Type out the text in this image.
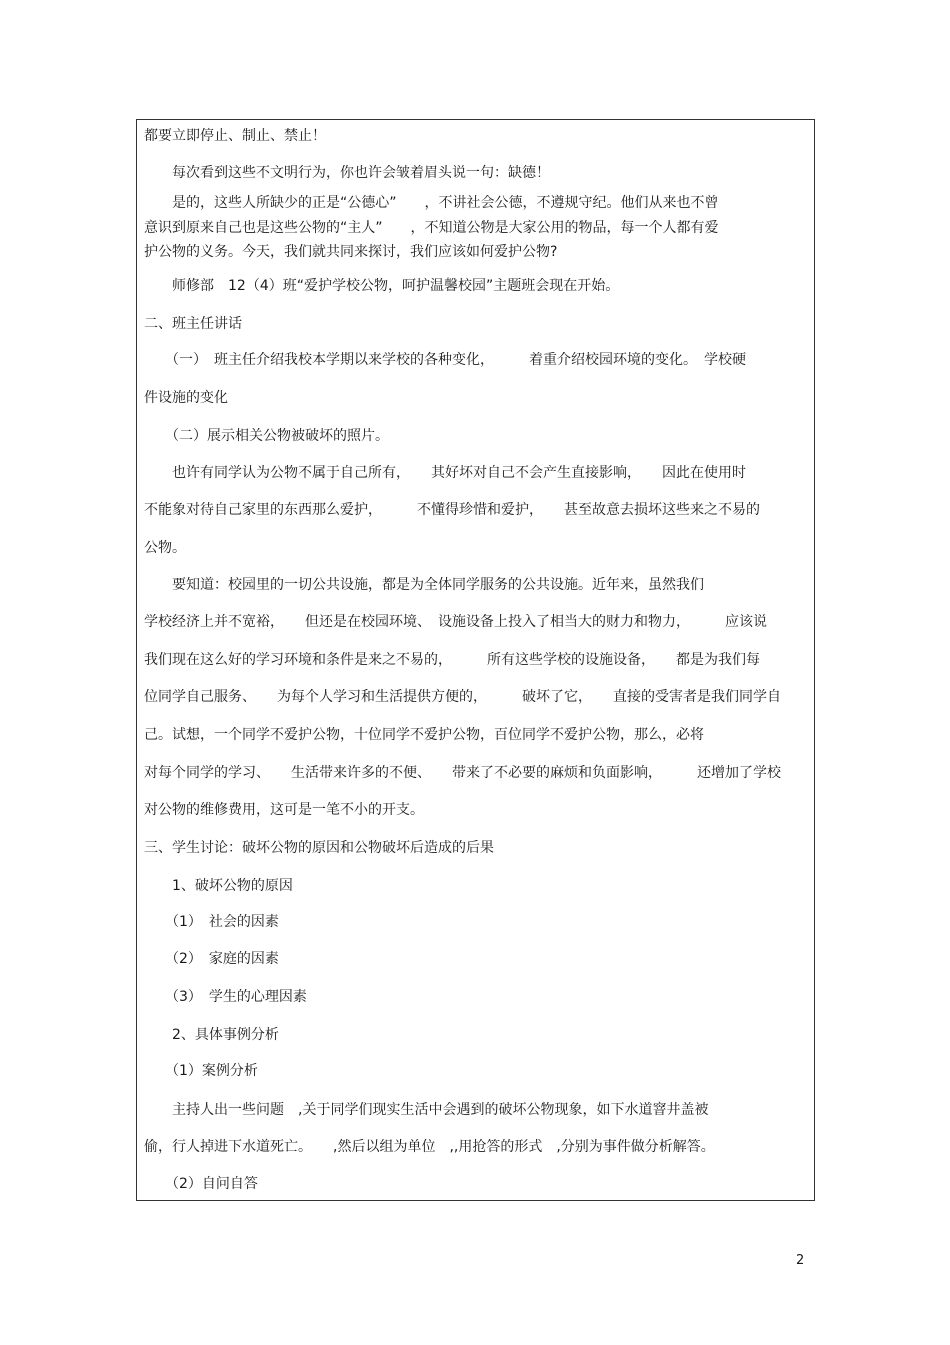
都要立即停止、制止、禁止！

　　每次看到这些不文明行为，你也许会皱着眉头说一句：缺德！

　　是的，这些人所缺少的正是“公德心”　　，不讲社会公德，不遵规守纪。他们从来也不曾

意识到原来自己也是这些公物的“主人”　　，不知道公物是大家公用的物品，每一个人都有爱

护公物的义务。今天，我们就共同来探讨，我们应该如何爱护公物?

　　师修部　12（4）班“爱护学校公物，呵护温馨校园”主题班会现在开始。

二、班主任讲话

　　（一）　班主任介绍我校本学期以来学校的各种变化，　　　着重介绍校园环境的变化。　学校硬

件设施的变化

　　（二）展示相关公物被破坏的照片。

　　也许有同学认为公物不属于自己所有，　　其好坏对自己不会产生直接影响，　　因此在使用时

不能象对待自己家里的东西那么爱护，　　　不懂得珍惜和爱护，　　甚至故意去损坏这些来之不易的

公物。

　　要知道：校园里的一切公共设施，都是为全体同学服务的公共设施。近年来，虽然我们

学校经济上并不宽裕，　　但还是在校园环境、　设施设备上投入了相当大的财力和物力，　　　应该说

我们现在这么好的学习环境和条件是来之不易的，　　　所有这些学校的设施设备，　　都是为我们每

位同学自己服务、　　为每个人学习和生活提供方便的，　　　破坏了它，　　直接的受害者是我们同学自

己。试想，一个同学不爱护公物，十位同学不爱护公物，百位同学不爱护公物，那么，必将

对每个同学的学习、　　生活带来许多的不便、　　带来了不必要的麻烦和负面影响，　　　还增加了学校

对公物的维修费用，这可是一笔不小的开支。

三、学生讨论：破坏公物的原因和公物破坏后造成的后果

　　1、破坏公物的原因

　　（1）　社会的因素

　　（2）　家庭的因素

　　（3）　学生的心理因素

　　2、具体事例分析

　　（1）案例分析

　　主持人出一些问题　,关于同学们现实生活中会遇到的破坏公物现象，如下水道窨井盖被

偷，行人掉进下水道死亡。　　,然后以组为单位　,,用抢答的形式　,分别为事件做分析解答。

　　（2）自问自答

2
